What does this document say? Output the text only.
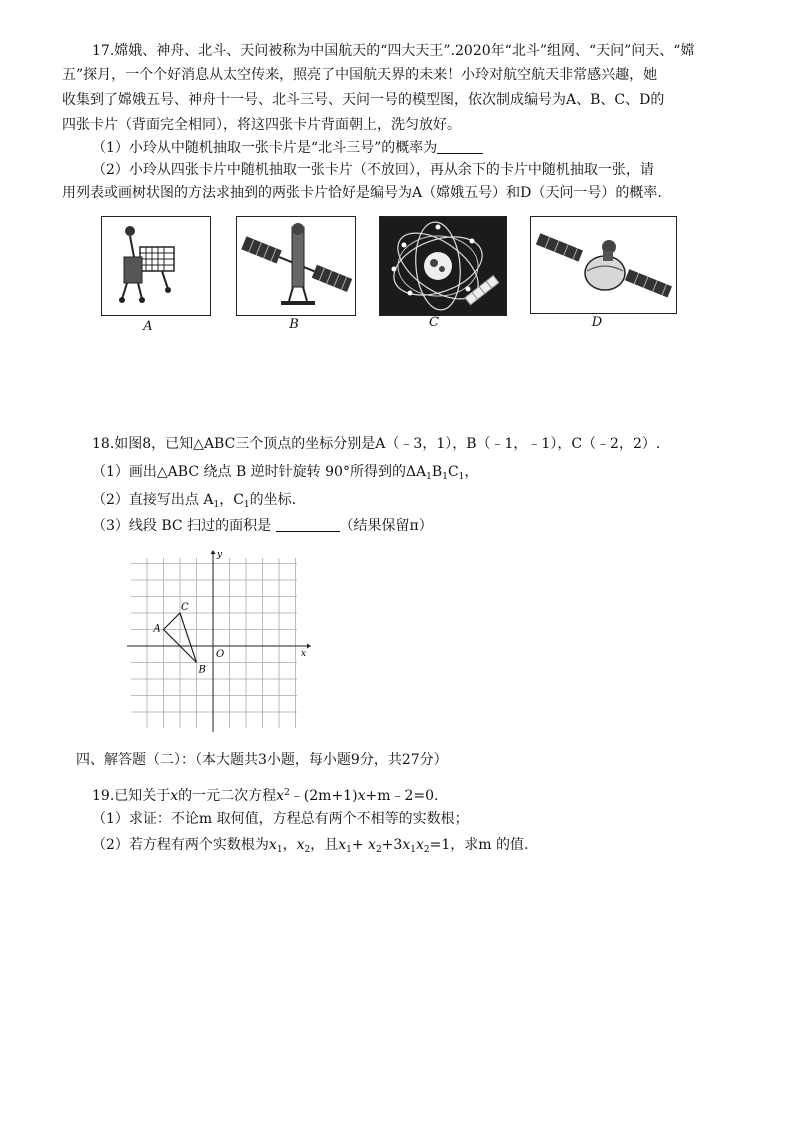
17.嫦娥、神舟、北斗、天问被称为中国航天的“四大天王”.2020年“北斗”组网、“天问”问天、“嫦
五”探月，一个个好消息从太空传来，照亮了中国航天界的未来！小玲对航空航天非常感兴趣，她
收集到了嫦娥五号、神舟十一号、北斗三号、天问一号的模型图，依次制成编号为A、B、C、D的
四张卡片（背面完全相同），将这四张卡片背面朝上，洗匀放好。
（1）小玲从中随机抽取一张卡片是“北斗三号”的概率为
（2）小玲从四张卡片中随机抽取一张卡片（不放回），再从余下的卡片中随机抽取一张，请
用列表或画树状图的方法求抽到的两张卡片恰好是编号为A（嫦娥五号）和D（天问一号）的概率.
A	B	C	D
18.如图8，已知△ABC三个顶点的坐标分别是A（﹣3，1），B（﹣1，﹣1），C（﹣2，2）.
（1）画出△ABC 绕点 B 逆时针旋转 90°所得到的$\Delta A_1B_1C_1$，
（2）直接写出点 $A_1$，$C_1$的坐标.
（3）线段 BC 扫过的面积是	（结果保留π）
x
y
O
A
B
C
四、解答题（二）：（本大题共3小题，每小题9分，共27分）
19.已知关于x的一元二次方程$x^2﹣(2m+1)x+m﹣2=0$.
（1）求证：不论m 取何值，方程总有两个不相等的实数根；
（2）若方程有两个实数根为$x_1$，$x_2$，且$x_1+ x_2+3x_1x_2=1$，求m 的值.
